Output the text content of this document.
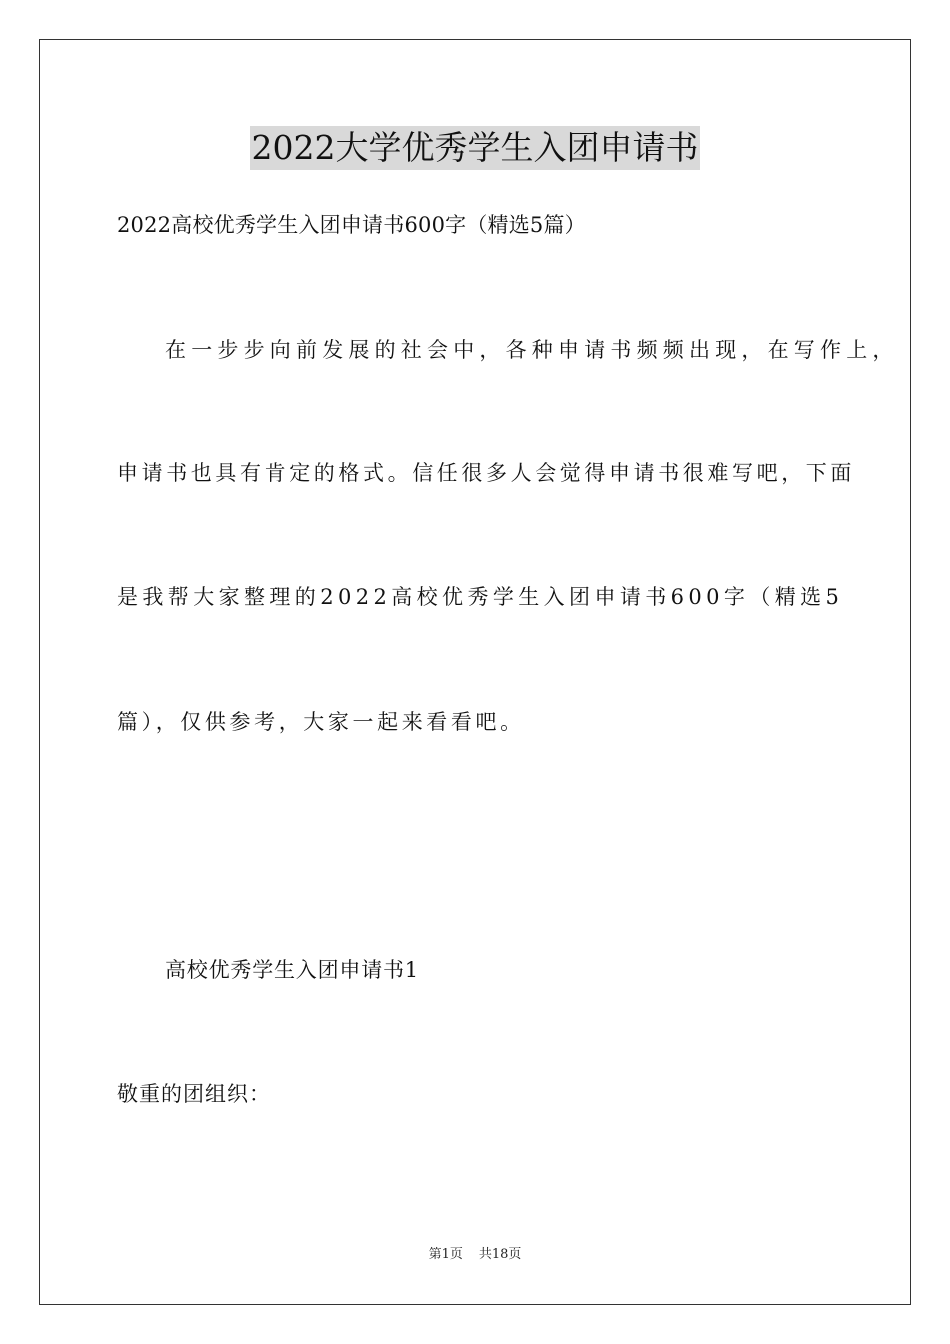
2022大学优秀学生入团申请书
2022高校优秀学生入团申请书600字（精选5篇）
在一步步向前发展的社会中，各种申请书频频出现，在写作上，
申请书也具有肯定的格式。信任很多人会觉得申请书很难写吧，下面
是我帮大家整理的2022高校优秀学生入团申请书600字（精选5
篇），仅供参考，大家一起来看看吧。
高校优秀学生入团申请书1
敬重的团组织：
第1页 共18页
